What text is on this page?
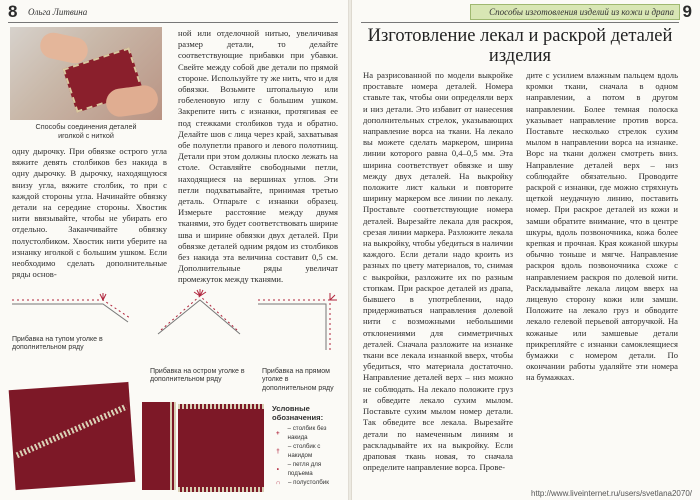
8 Ольга Литвина
Способы соединения деталей иголкой с ниткой
одну дырочку. При обвязке острого угла вяжите девять столбиков без накида в одну дырочку. В дырочку, находящуюся внизу угла, вяжите столбик, то при с каждой стороны угла. Начинайте обвязку детали на середине стороны. Хвостик нити ввязывайте, чтобы не убирать его отдельно. Заканчивайте обвязку полустолбиком. Хвостик нити уберите на изнанку иголкой с большим ушком. Если необходимо сделать дополнительные ряды основ-
ной или отделочной нитью, увеличивая размер детали, то делайте соответствующие прибавки при убавки. Свейте между собой две детали по прямой стороне. Используйте ту же нить, что и для обвязки. Возьмите штопальную или гобеленовую иглу с большим ушком. Закрепите нить с изнанки, протягивая ее под стежками столбиков туда и обратно. Делайте шов с лица через край, захватывая обе полупетли правого и левого полотнищ. Детали при этом должны плоско лежать на столе. Оставляйте свободными петли, находящиеся на вершинах углов. Эти петли подхватывайте, принимая третью деталь. Отпарьте с изнанки образец. Измерьте расстояние между двумя тканями, это будет соответствовать ширине шва и ширине обвязки двух деталей. При обвязке деталей одним рядом из столбиков без накида эта величина составит 0,5 см. Дополнительные ряды увеличат промежуток между тканями.
Прибавка на тупом уголке в дополнительном ряду
Прибавка на остром уголке в дополнительном ряду
Прибавка на прямом уголке в дополнительном ряду
Условные обозначения:
+
– столбик без накида
†
– столбик с накидом
•
– петля для подъема
∩	– полустолбик
Способы изготовления изделий из кожи и драпа 9
Изготовление лекал и раскрой деталей изделия
На разрисованной по модели выкройке проставьте номера деталей. Номера ставьте так, чтобы они определяли верх и низ детали. Это избавит от нанесения дополнительных стрелок, указывающих направление ворса на ткани. На лекало вы можете сделать маркером, ширина линии которого равна 0,4–0,5 мм. Эта ширина соответствует обвязке и шву между двух деталей. На выкройку положите лист кальки и повторите ширину маркером все линии по лекалу. Проставьте соответствующие номера деталей. Вырезайте лекала для раскроя, срезая линии маркера. Разложите лекала на выкройку, чтобы убедиться в наличии каждого. Если детали надо кроить из разных по цвету материалов, то, снимая с выкройки, разложите их по разным стопкам. При раскрое деталей из драпа, бывшего в употреблении, надо придерживаться направления долевой нити с возможными небольшими отклонениями для симметричных деталей. Сначала разложите на изнанке ткани все лекала изнанкой вверх, чтобы убедиться, что материала достаточно. Направление деталей верх – низ можно не соблюдать. На лекало положите груз и обведите лекало сухим мылом. Поставьте сухим мылом номер детали. Так обведите все лекала. Вырезайте детали по намеченным линиям и раскладывайте их на выкройку. Если драповая ткань новая, то сначала определите направление ворса. Прове-
дите с усилием влажным пальцем вдоль кромки ткани, сначала в одном направлении, а потом в другом направлении. Более темная полоска указывает направление против ворса. Поставьте несколько стрелок сухим мылом в направлении ворса на изнанке. Ворс на ткани должен смотреть вниз. Направление деталей верх – низ соблюдайте обязательно. Проводите раскрой с изнанки, где можно стряхнуть щеткой неудачную линию, поставить номер. При раскрое деталей из кожи и замши обратите внимание, что в центре шкуры, вдоль позвоночника, кожа более крепкая и прочная. Края кожаной шкуры обычно тоньше и мягче. Направление раскроя вдоль позвоночника схоже с направлением раскроя по долевой нити. Раскладывайте лекала лицом вверх на лицевую сторону кожи или замши. Положите на лекало груз и обводите лекало гелевой перьевой авторучкой. На кожаные или замшевые детали прикрепляйте с изнанки самоклеящиеся бумажки с номером детали. По окончании работы удаляйте эти номера на бумажках.
http://www.liveinternet.ru/users/svetlana2070/
